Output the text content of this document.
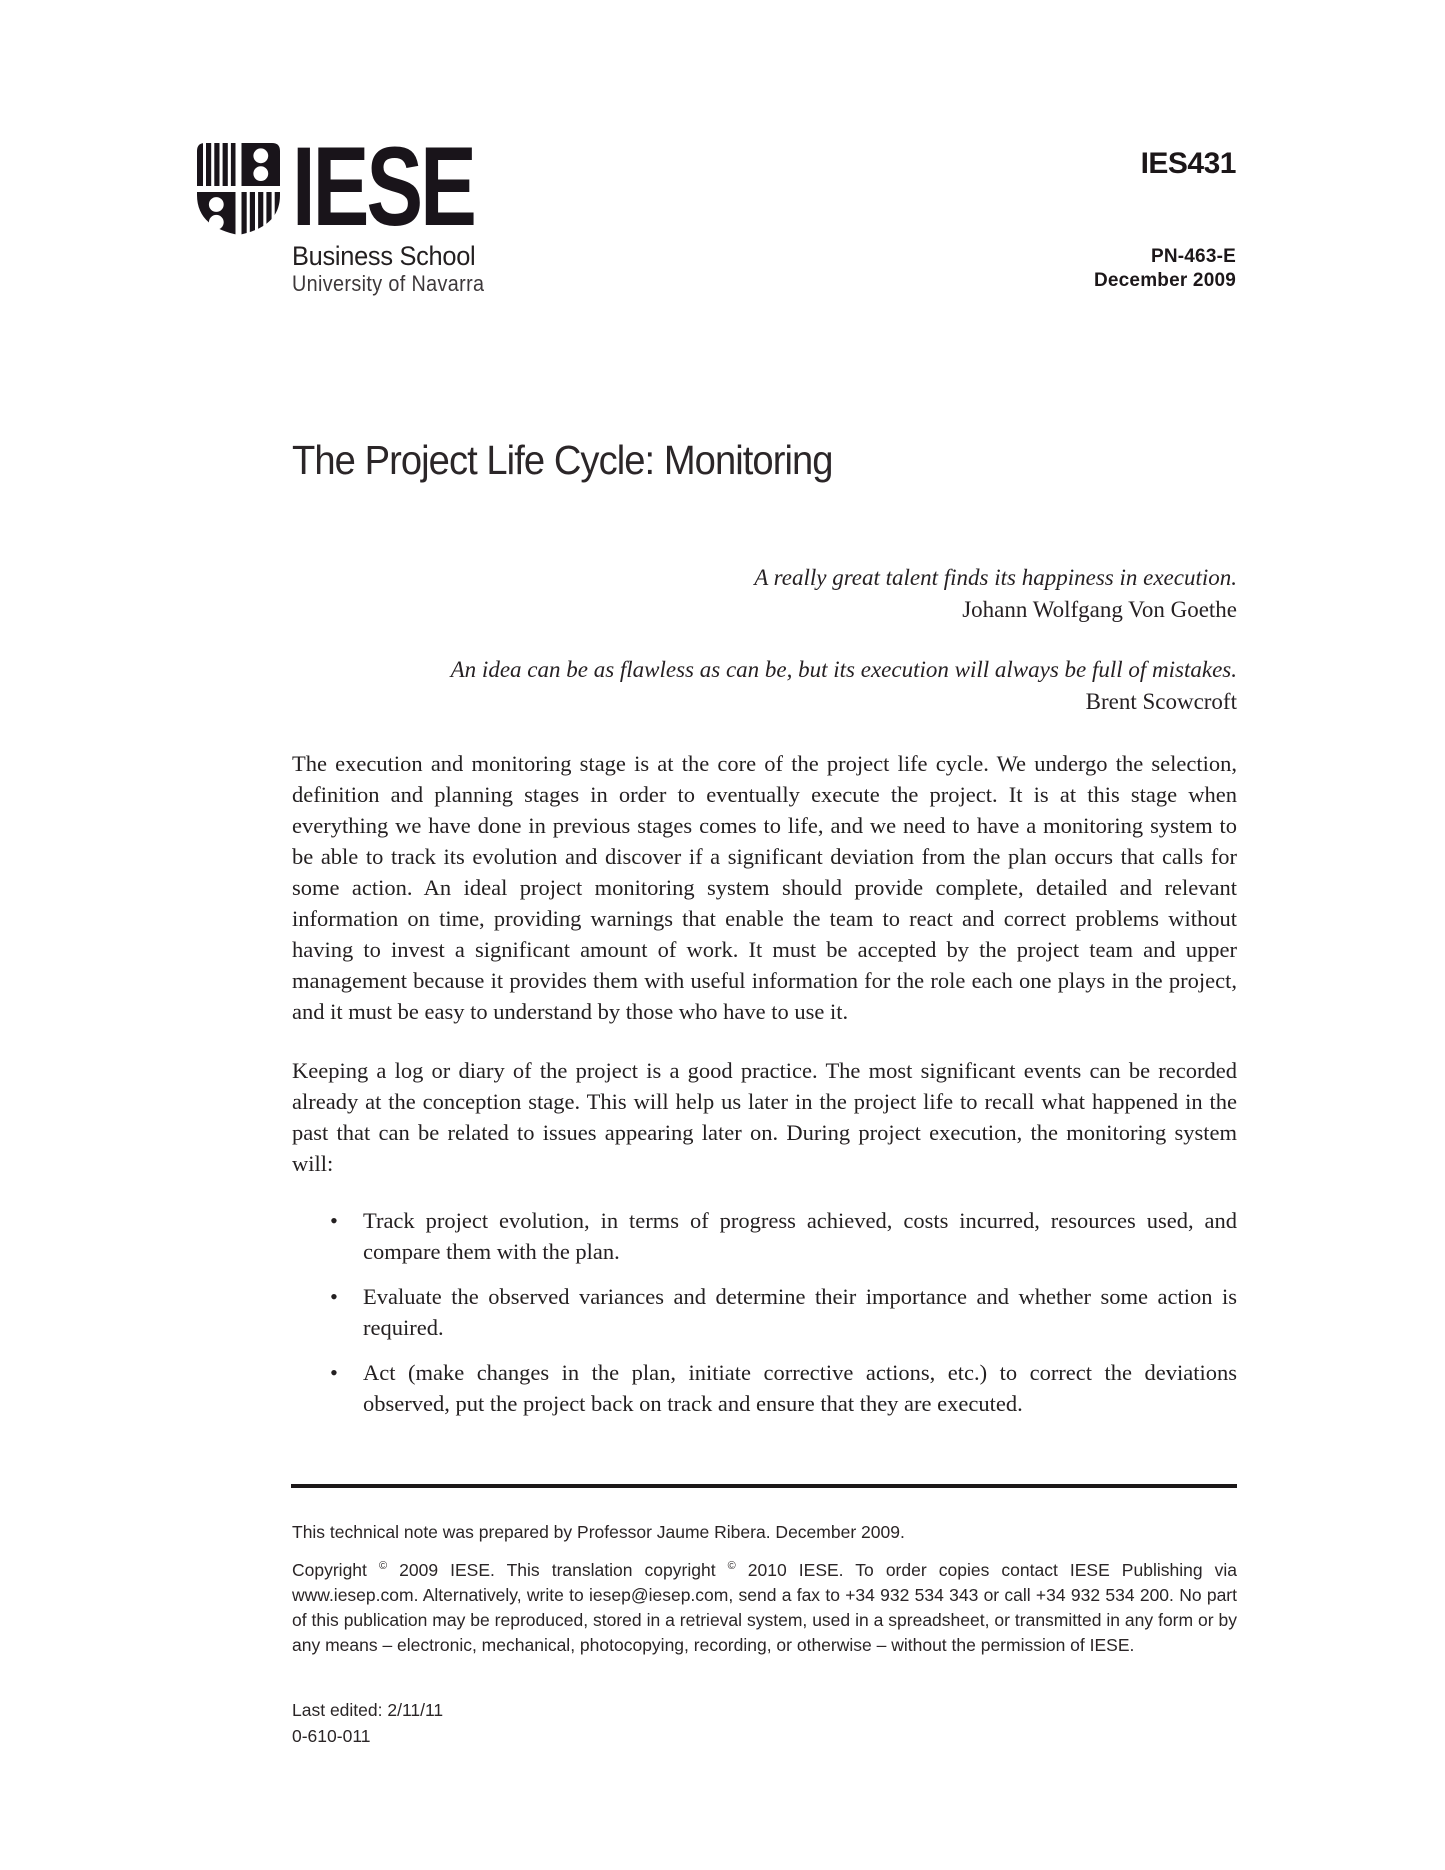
IESE
Business School
University of Navarra
IES431
PN-463-E
December 2009
The Project Life Cycle: Monitoring
A really great talent finds its happiness in execution.
Johann Wolfgang Von Goethe
An idea can be as flawless as can be, but its execution will always be full of mistakes.
Brent Scowcroft

The execution and monitoring stage is at the core of the project life cycle. We undergo the selection, definition and planning stages in order to eventually execute the project. It is at this stage when everything we have done in previous stages comes to life, and we need to have a monitoring system to be able to track its evolution and discover if a significant deviation from the plan occurs that calls for some action. An ideal project monitoring system should provide complete, detailed and relevant information on time, providing warnings that enable the team to react and correct problems without having to invest a significant amount of work. It must be accepted by the project team and upper management because it provides them with useful information for the role each one plays in the project, and it must be easy to understand by those who have to use it.

Keeping a log or diary of the project is a good practice. The most significant events can be recorded already at the conception stage. This will help us later in the project life to recall what happened in the past that can be related to issues appearing later on. During project execution, the monitoring system will:

• Track project evolution, in terms of progress achieved, costs incurred, resources used, and compare them with the plan.
• Evaluate the observed variances and determine their importance and whether some action is required.
• Act (make changes in the plan, initiate corrective actions, etc.) to correct the deviations observed, put the project back on track and ensure that they are executed.
This technical note was prepared by Professor Jaume Ribera. December 2009.
Copyright © 2009 IESE. This translation copyright © 2010 IESE. To order copies contact IESE Publishing via www.iesep.com. Alternatively, write to iesep@iesep.com, send a fax to +34 932 534 343 or call +34 932 534 200. No part of this publication may be reproduced, stored in a retrieval system, used in a spreadsheet, or transmitted in any form or by any means – electronic, mechanical, photocopying, recording, or otherwise – without the permission of IESE.
Last edited: 2/11/11
0-610-011
